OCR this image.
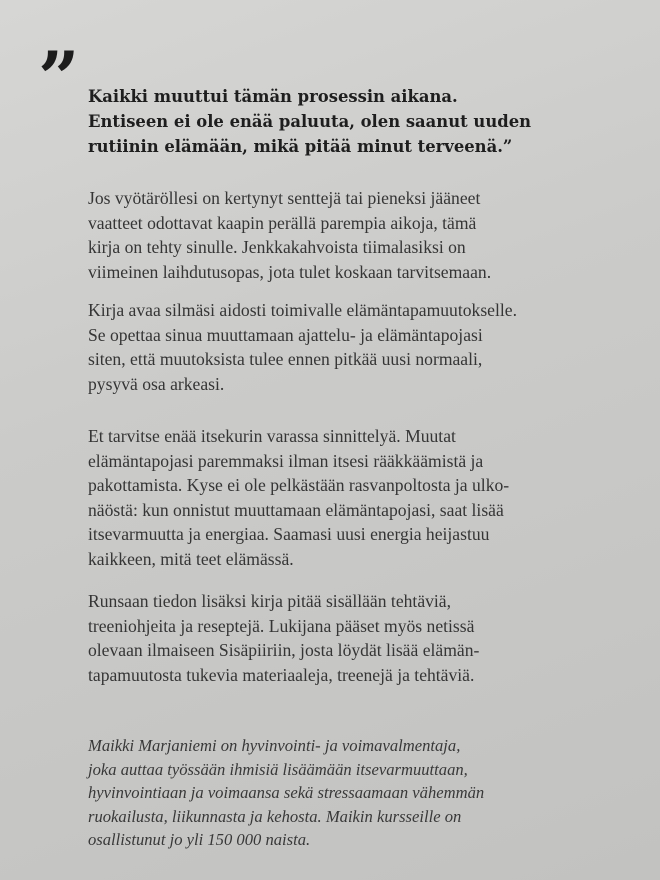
” Kaikki muuttui tämän prosessin aikana.
Entiseen ei ole enää paluuta, olen saanut uuden
rutiinin elämään, mikä pitää minut terveenä.”
Jos vyötäröllesi on kertynyt senttejä tai pieneksi jääneet
vaatteet odottavat kaapin perällä parempia aikoja, tämä
kirja on tehty sinulle. Jenkkakahvoista tiimalasiksi on
viimeinen laihdutusopas, jota tulet koskaan tarvitsemaan.
Kirja avaa silmäsi aidosti toimivalle elämäntapamuutokselle.
Se opettaa sinua muuttamaan ajattelu- ja elämäntapojasi
siten, että muutoksista tulee ennen pitkää uusi normaali,
pysyvä osa arkeasi.
Et tarvitse enää itsekurin varassa sinnittelyä. Muutat
elämäntapojasi paremmaksi ilman itsesi rääkkäämistä ja
pakottamista. Kyse ei ole pelkästään rasvanpoltosta ja ulko-
näöstä: kun onnistut muuttamaan elämäntapojasi, saat lisää
itsevarmuutta ja energiaa. Saamasi uusi energia heijastuu
kaikkeen, mitä teet elämässä.
Runsaan tiedon lisäksi kirja pitää sisällään tehtäviä,
treeniohjeita ja reseptejä. Lukijana pääset myös netissä
olevaan ilmaiseen Sisäpiiriin, josta löydät lisää elämän-
tapamuutosta tukevia materiaaleja, treenejä ja tehtäviä.
Maikki Marjaniemi on hyvinvointi- ja voimavalmentaja,
joka auttaa työssään ihmisiä lisäämään itsevarmuuttaan,
hyvinvointiaan ja voimaansa sekä stressaamaan vähemmän
ruokailusta, liikunnasta ja kehosta. Maikin kursseille on
osallistunut jo yli 150 000 naista.
